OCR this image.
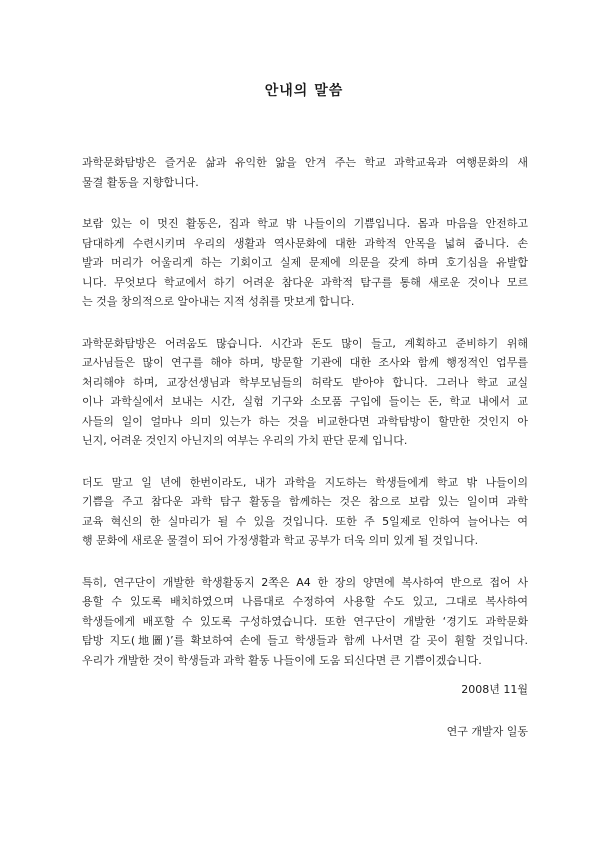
안내의 말씀
과학문화탐방은 즐거운 삶과 유익한 앎을 안겨 주는 학교 과학교육과 여행문화의 새
물결 활동을 지향합니다.
보람 있는 이 멋진 활동은, 집과 학교 밖 나들이의 기쁨입니다. 몸과 마음을 안전하고
담대하게 수련시키며 우리의 생활과 역사문화에 대한 과학적 안목을 넓혀 줍니다. 손
발과 머리가 어울리게 하는 기회이고 실제 문제에 의문을 갖게 하며 호기심을 유발합
니다. 무엇보다 학교에서 하기 어려운 참다운 과학적 탐구를 통해 새로운 것이나 모르
는 것을 창의적으로 알아내는 지적 성취를 맛보게 합니다.
과학문화탐방은 어려움도 많습니다. 시간과 돈도 많이 들고, 계획하고 준비하기 위해
교사님들은 많이 연구를 해야 하며, 방문할 기관에 대한 조사와 함께 행정적인 업무를
처리해야 하며, 교장선생님과 학부모님들의 허락도 받아야 합니다. 그러나 학교 교실
이나 과학실에서 보내는 시간, 실험 기구와 소모품 구입에 들이는 돈, 학교 내에서 교
사들의 일이 얼마나 의미 있는가 하는 것을 비교한다면 과학탐방이 할만한 것인지 아
닌지, 어려운 것인지 아닌지의 여부는 우리의 가치 판단 문제 입니다.
더도 말고 일 년에 한번이라도, 내가 과학을 지도하는 학생들에게 학교 밖 나들이의
기쁨을 주고 참다운 과학 탐구 활동을 함께하는 것은 참으로 보람 있는 일이며 과학
교육 혁신의 한 실마리가 될 수 있을 것입니다. 또한 주 5일제로 인하여 늘어나는 여
행 문화에 새로운 물결이 되어 가정생활과 학교 공부가 더욱 의미 있게 될 것입니다.
특히, 연구단이 개발한 학생활동지 2쪽은 A4 한 장의 양면에 복사하여 반으로 접어 사
용할 수 있도록 배치하였으며 나름대로 수정하여 사용할 수도 있고, 그대로 복사하여
학생들에게 배포할 수 있도록 구성하였습니다. 또한 연구단이 개발한 ‘경기도 과학문화
탐방 지도(地圖)’를 확보하여 손에 들고 학생들과 함께 나서면 갈 곳이 훤할 것입니다.
우리가 개발한 것이 학생들과 과학 활동 나들이에 도움 되신다면 큰 기쁨이겠습니다.
2008년 11월
연구 개발자 일동
